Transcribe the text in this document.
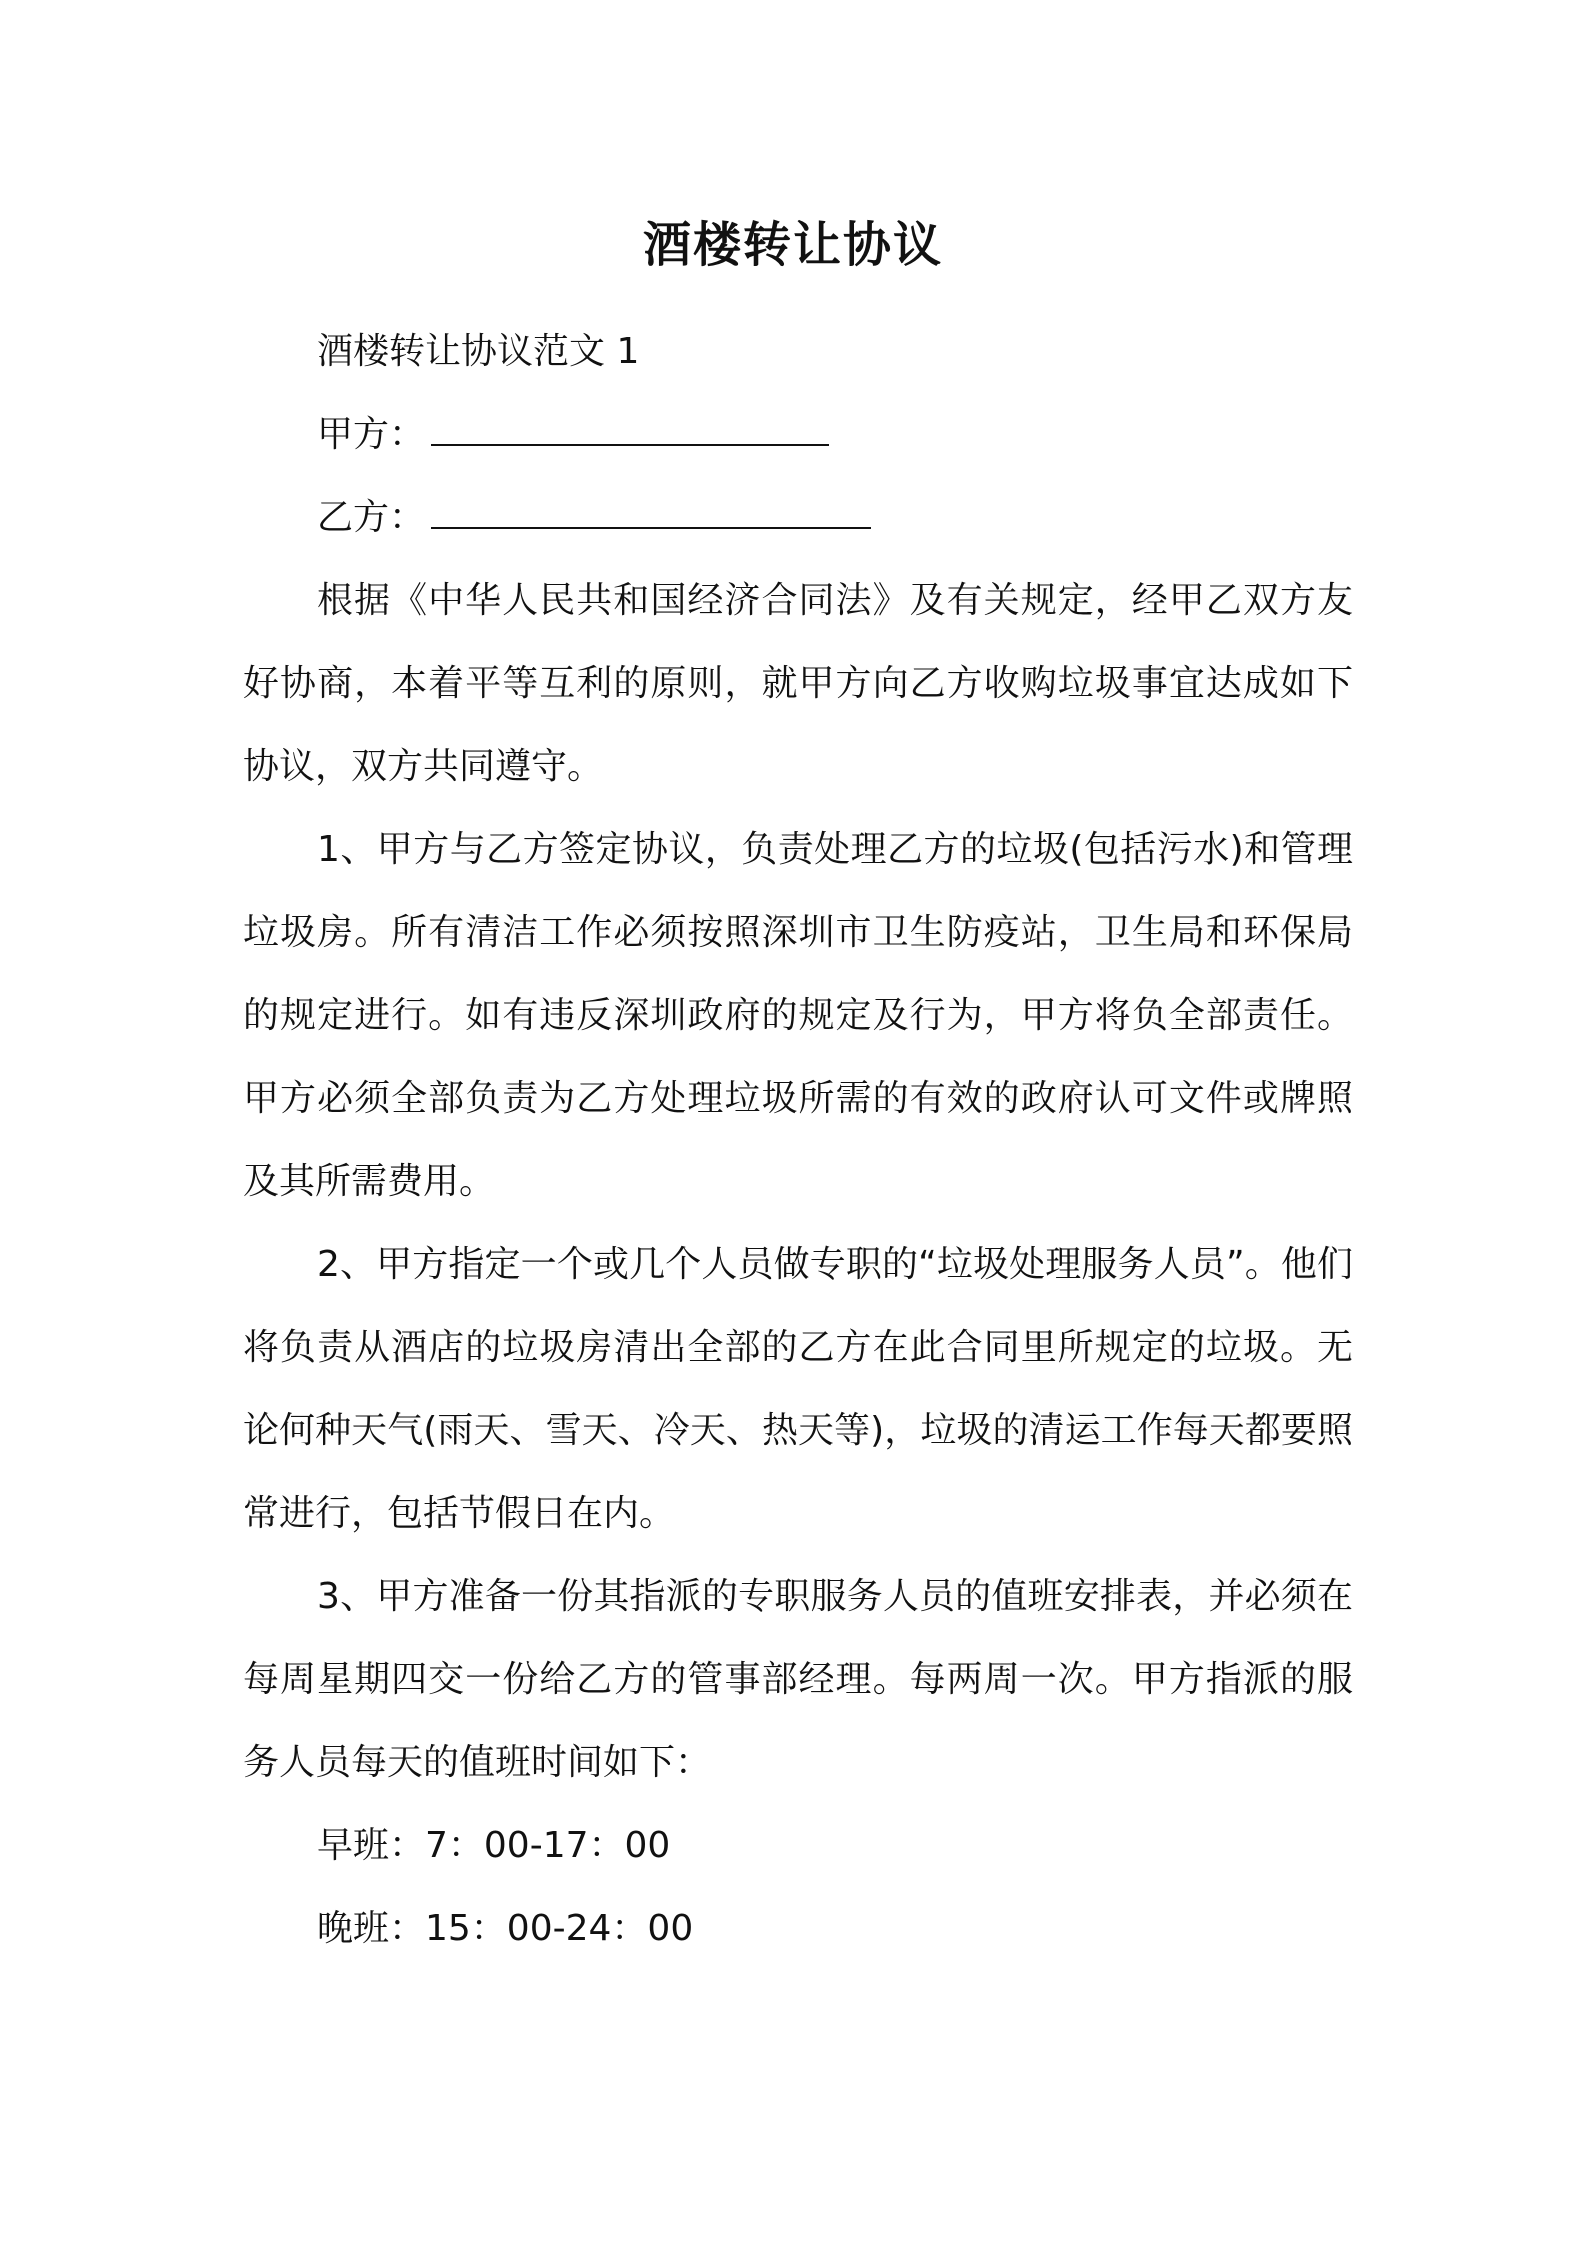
酒楼转让协议

酒楼转让协议范文 1

甲方：

乙方：

根据《中华人民共和国经济合同法》及有关规定，经甲乙双方友好协商，本着平等互利的原则，就甲方向乙方收购垃圾事宜达成如下协议，双方共同遵守。

1、甲方与乙方签定协议，负责处理乙方的垃圾(包括污水)和管理垃圾房。所有清洁工作必须按照深圳市卫生防疫站，卫生局和环保局的规定进行。如有违反深圳政府的规定及行为，甲方将负全部责任。甲方必须全部负责为乙方处理垃圾所需的有效的政府认可文件或牌照及其所需费用。

2、甲方指定一个或几个人员做专职的“垃圾处理服务人员”。他们将负责从酒店的垃圾房清出全部的乙方在此合同里所规定的垃圾。无论何种天气(雨天、雪天、冷天、热天等)，垃圾的清运工作每天都要照常进行，包括节假日在内。

3、甲方准备一份其指派的专职服务人员的值班安排表，并必须在每周星期四交一份给乙方的管事部经理。每两周一次。甲方指派的服务人员每天的值班时间如下：

早班：7：00-17：00

晚班：15：00-24：00
